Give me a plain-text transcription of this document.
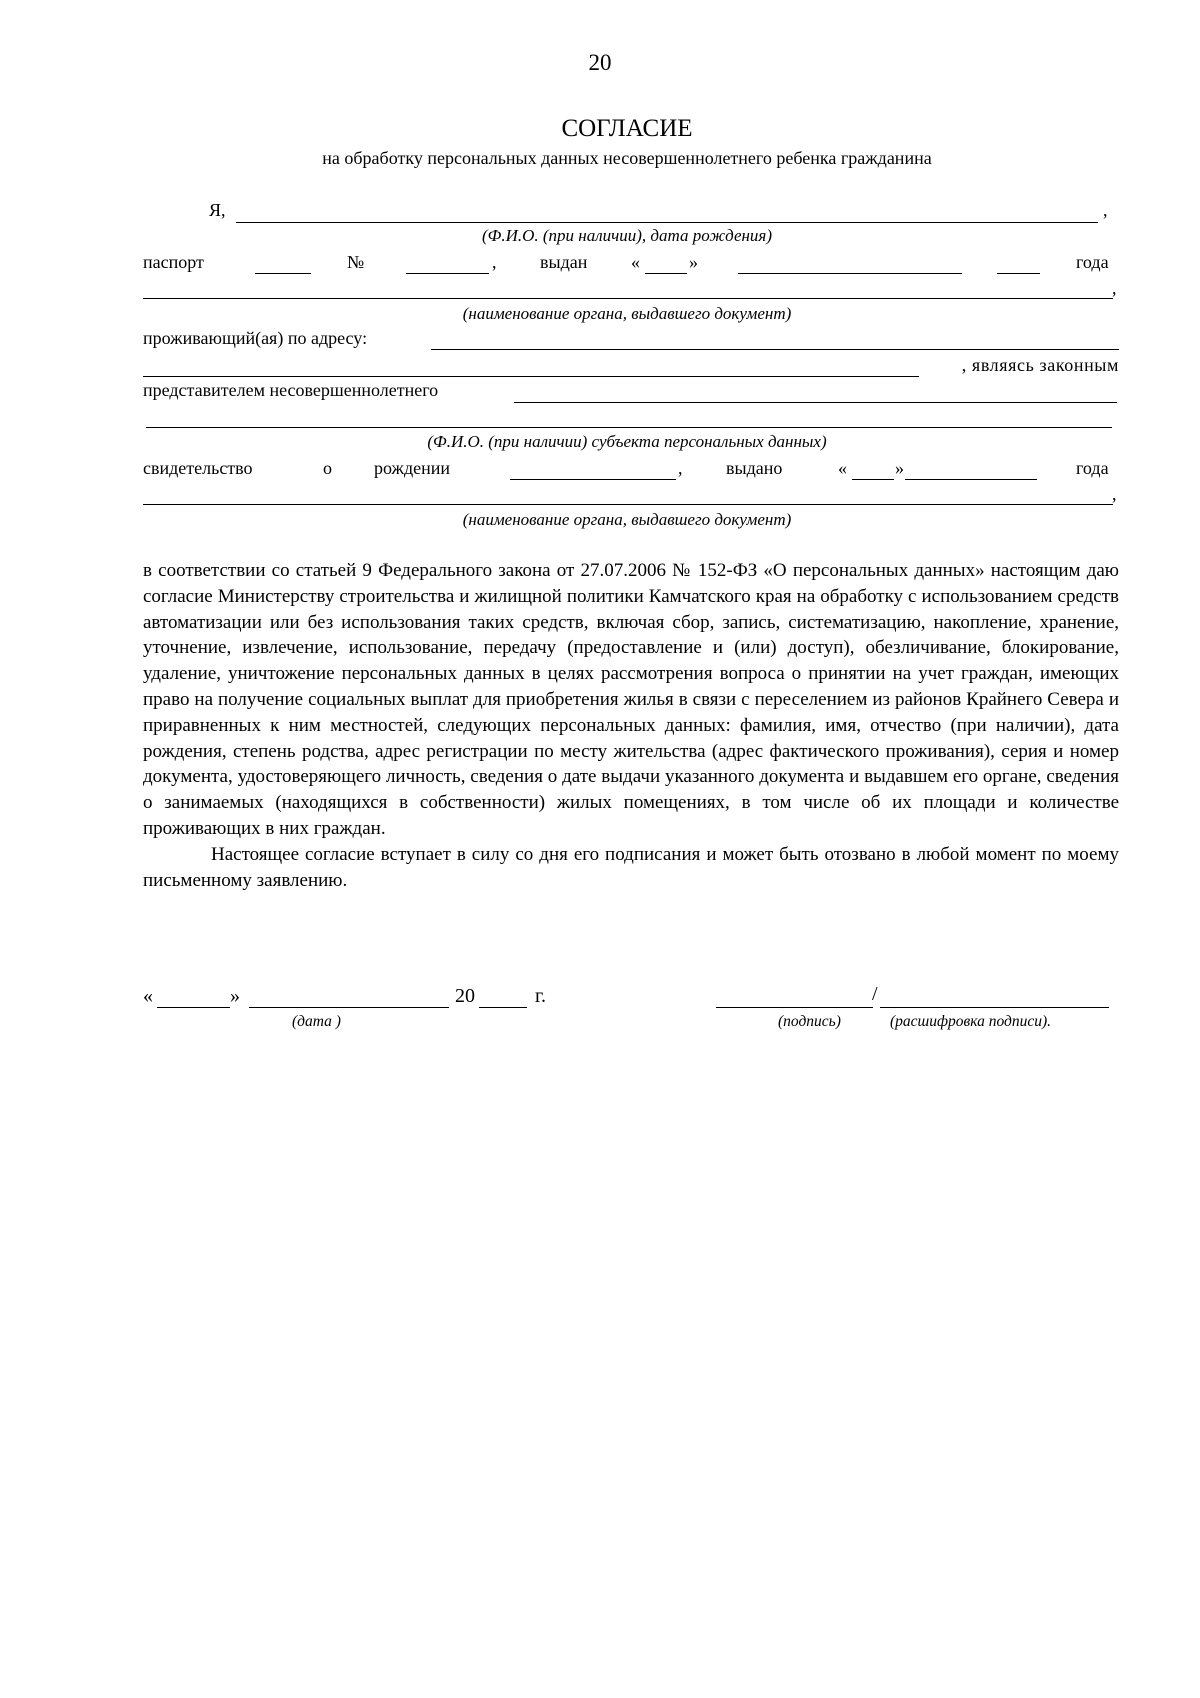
20
СОГЛАСИЕ
на обработку персональных данных несовершеннолетнего ребенка гражданина
Я,	,
(Ф.И.О. (при наличии), дата рождения)
паспорт	№	, выдан «	»	года
,
(наименование органа, выдавшего документ)
проживающий(ая) по адресу:
, являясь законным
представителем несовершеннолетнего
(Ф.И.О. (при наличии) субъекта персональных данных)
свидетельство	о рождении	, выдано	«	»	года
,
(наименование органа, выдавшего документ)

в соответствии со статьей 9 Федерального закона от 27.07.2006 № 152-ФЗ «О персональных данных» настоящим даю согласие Министерству строительства и жилищной политики Камчатского края на обработку с использованием средств автоматизации или без использования таких средств, включая сбор, запись, систематизацию, накопление, хранение, уточнение, извлечение, использование, передачу (предоставление и (или) доступ), обезличивание, блокирование, удаление, уничтожение персональных данных в целях рассмотрения вопроса о принятии на учет граждан, имеющих право на получение социальных выплат для приобретения жилья в связи с переселением из районов Крайнего Севера и приравненных к ним местностей, следующих персональных данных: фамилия, имя, отчество (при наличии), дата рождения, степень родства, адрес регистрации по месту жительства (адрес фактического проживания), серия и номер документа, удостоверяющего личность, сведения о дате выдачи указанного документа и выдавшем его органе, сведения о занимаемых (находящихся в собственности) жилых помещениях, в том числе об их площади и количестве проживающих в них граждан.

Настоящее согласие вступает в силу со дня его подписания и может быть отозвано в любой момент по моему письменному заявлению.

«	»	20	г.	/
(дата )	(подпись)	(расшифровка подписи).
